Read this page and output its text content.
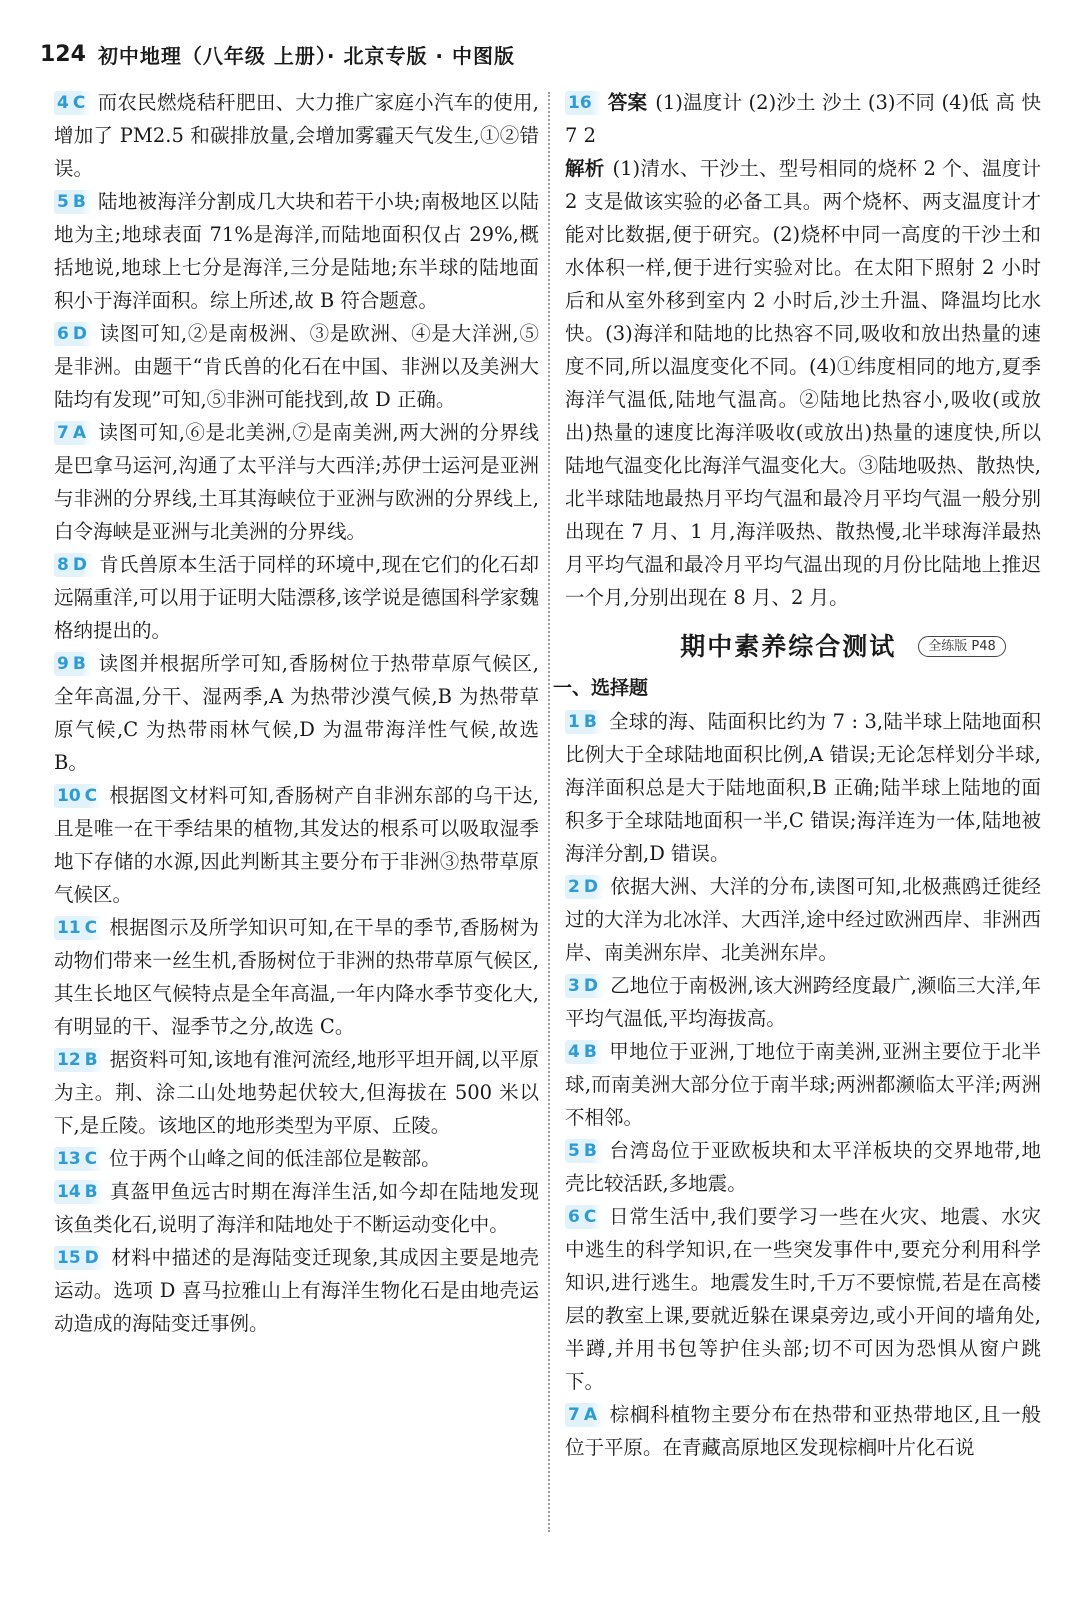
124 初中地理（八年级 上册）· 北京专版 · 中图版
4 C 而农民燃烧秸秆肥田、大力推广家庭小汽车的使用,增加了 PM2.5 和碳排放量,会增加雾霾天气发生,①②错误。
5 B 陆地被海洋分割成几大块和若干小块;南极地区以陆地为主;地球表面 71%是海洋,而陆地面积仅占 29%,概括地说,地球上七分是海洋,三分是陆地;东半球的陆地面积小于海洋面积。综上所述,故 B 符合题意。
6 D 读图可知,②是南极洲、③是欧洲、④是大洋洲,⑤是非洲。由题干“肯氏兽的化石在中国、非洲以及美洲大陆均有发现”可知,⑤非洲可能找到,故 D 正确。
7 A 读图可知,⑥是北美洲,⑦是南美洲,两大洲的分界线是巴拿马运河,沟通了太平洋与大西洋;苏伊士运河是亚洲与非洲的分界线,土耳其海峡位于亚洲与欧洲的分界线上,白令海峡是亚洲与北美洲的分界线。
8 D 肯氏兽原本生活于同样的环境中,现在它们的化石却远隔重洋,可以用于证明大陆漂移,该学说是德国科学家魏格纳提出的。
9 B 读图并根据所学可知,香肠树位于热带草原气候区,全年高温,分干、湿两季,A 为热带沙漠气候,B 为热带草原气候,C 为热带雨林气候,D 为温带海洋性气候,故选 B。
10 C 根据图文材料可知,香肠树产自非洲东部的乌干达,且是唯一在干季结果的植物,其发达的根系可以吸取湿季地下存储的水源,因此判断其主要分布于非洲③热带草原气候区。
11 C 根据图示及所学知识可知,在干旱的季节,香肠树为动物们带来一丝生机,香肠树位于非洲的热带草原气候区,其生长地区气候特点是全年高温,一年内降水季节变化大,有明显的干、湿季节之分,故选 C。
12 B 据资料可知,该地有淮河流经,地形平坦开阔,以平原为主。荆、涂二山处地势起伏较大,但海拔在 500 米以下,是丘陵。该地区的地形类型为平原、丘陵。
13 C 位于两个山峰之间的低洼部位是鞍部。
14 B 真盔甲鱼远古时期在海洋生活,如今却在陆地发现该鱼类化石,说明了海洋和陆地处于不断运动变化中。
15 D 材料中描述的是海陆变迁现象,其成因主要是地壳运动。选项 D 喜马拉雅山上有海洋生物化石是由地壳运动造成的海陆变迁事例。
16 答案 (1)温度计 (2)沙土 沙土 (3)不同 (4)低 高 快 7 2
解析 (1)清水、干沙土、型号相同的烧杯 2 个、温度计 2 支是做该实验的必备工具。两个烧杯、两支温度计才能对比数据,便于研究。(2)烧杯中同一高度的干沙土和水体积一样,便于进行实验对比。在太阳下照射 2 小时后和从室外移到室内 2 小时后,沙土升温、降温均比水快。(3)海洋和陆地的比热容不同,吸收和放出热量的速度不同,所以温度变化不同。(4)①纬度相同的地方,夏季海洋气温低,陆地气温高。②陆地比热容小,吸收(或放出)热量的速度比海洋吸收(或放出)热量的速度快,所以陆地气温变化比海洋气温变化大。③陆地吸热、散热快,北半球陆地最热月平均气温和最冷月平均气温一般分别出现在 7 月、1 月,海洋吸热、散热慢,北半球海洋最热月平均气温和最冷月平均气温出现的月份比陆地上推迟一个月,分别出现在 8 月、2 月。
期中素养综合测试	全练版 P48
一、选择题
1 B 全球的海、陆面积比约为 7 : 3,陆半球上陆地面积比例大于全球陆地面积比例,A 错误;无论怎样划分半球,海洋面积总是大于陆地面积,B 正确;陆半球上陆地的面积多于全球陆地面积一半,C 错误;海洋连为一体,陆地被海洋分割,D 错误。
2 D 依据大洲、大洋的分布,读图可知,北极燕鸥迁徙经过的大洋为北冰洋、大西洋,途中经过欧洲西岸、非洲西岸、南美洲东岸、北美洲东岸。
3 D 乙地位于南极洲,该大洲跨经度最广,濒临三大洋,年平均气温低,平均海拔高。
4 B 甲地位于亚洲,丁地位于南美洲,亚洲主要位于北半球,而南美洲大部分位于南半球;两洲都濒临太平洋;两洲不相邻。
5 B 台湾岛位于亚欧板块和太平洋板块的交界地带,地壳比较活跃,多地震。
6 C 日常生活中,我们要学习一些在火灾、地震、水灾中逃生的科学知识,在一些突发事件中,要充分利用科学知识,进行逃生。地震发生时,千万不要惊慌,若是在高楼层的教室上课,要就近躲在课桌旁边,或小开间的墙角处,半蹲,并用书包等护住头部;切不可因为恐惧从窗户跳下。
7 A 棕榈科植物主要分布在热带和亚热带地区,且一般位于平原。在青藏高原地区发现棕榈叶片化石说
